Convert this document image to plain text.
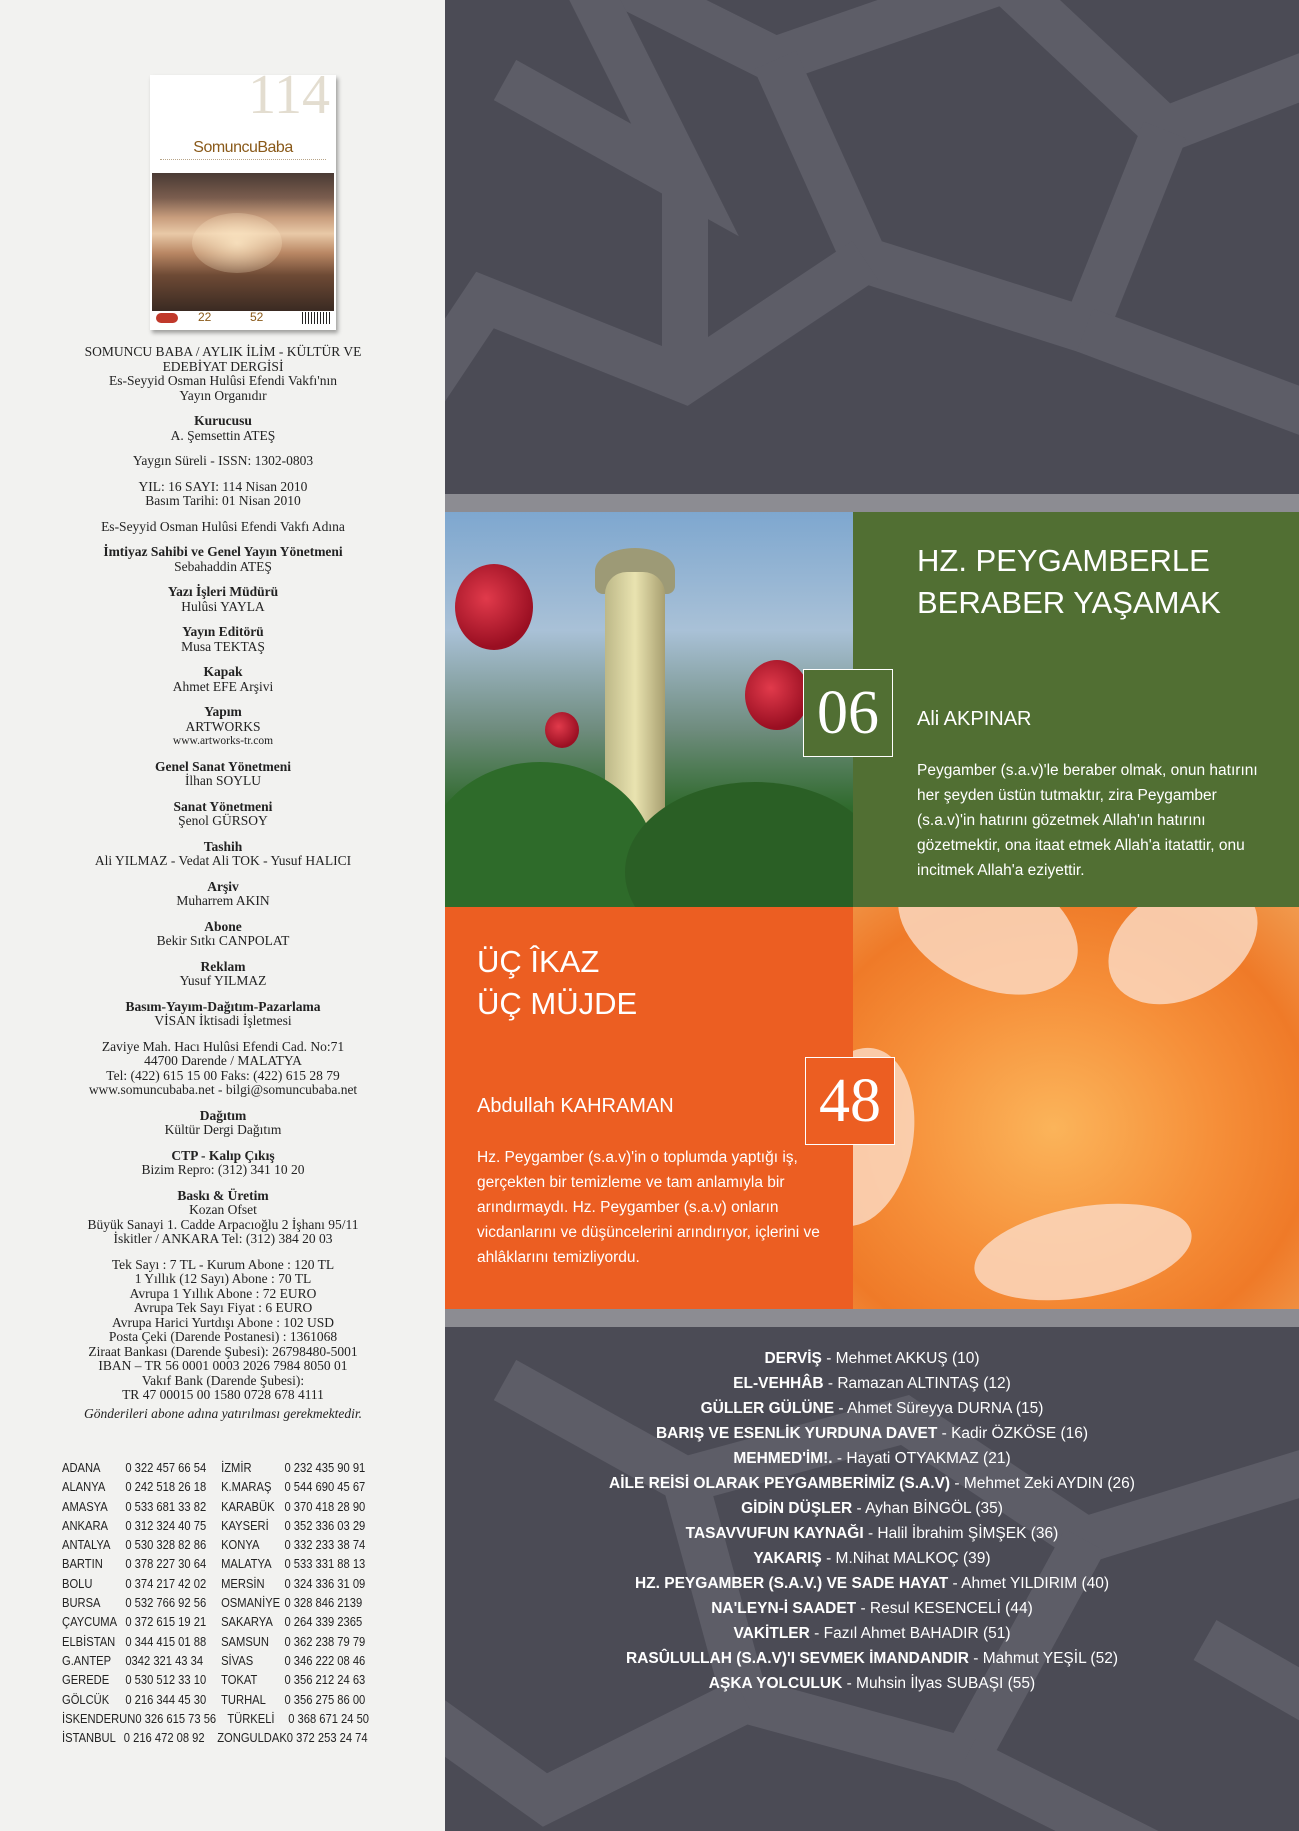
114
SomuncuBaba
22	52
SOMUNCU BABA / AYLIK İLİM - KÜLTÜR VE EDEBİYAT DERGİSİ
Es-Seyyid Osman Hulûsi Efendi Vakfı'nın
Yayın Organıdır
Kurucusu
A. Şemsettin ATEŞ
Yaygın Süreli - ISSN: 1302-0803
YIL: 16 SAYI: 114 Nisan 2010
Basım Tarihi: 01 Nisan 2010
Es-Seyyid Osman Hulûsi Efendi Vakfı Adına
İmtiyaz Sahibi ve Genel Yayın Yönetmeni
Sebahaddin ATEŞ
Yazı İşleri Müdürü
Hulûsi YAYLA
Yayın Editörü
Musa TEKTAŞ
Kapak
Ahmet EFE Arşivi
Yapım
ARTWORKS
www.artworks-tr.com
Genel Sanat Yönetmeni
İlhan SOYLU
Sanat Yönetmeni
Şenol GÜRSOY
Tashih
Ali YILMAZ - Vedat Ali TOK - Yusuf HALICI
Arşiv
Muharrem AKIN
Abone
Bekir Sıtkı CANPOLAT
Reklam
Yusuf YILMAZ
Basım-Yayım-Dağıtım-Pazarlama
VİSAN İktisadi İşletmesi
Zaviye Mah. Hacı Hulûsi Efendi Cad. No:71
44700 Darende / MALATYA
Tel: (422) 615 15 00 Faks: (422) 615 28 79
www.somuncubaba.net - bilgi@somuncubaba.net
Dağıtım
Kültür Dergi Dağıtım
CTP - Kalıp Çıkış
Bizim Repro: (312) 341 10 20
Baskı & Üretim
Kozan Ofset
Büyük Sanayi 1. Cadde Arpacıoğlu 2 İşhanı 95/11
İskitler / ANKARA Tel: (312) 384 20 03
Tek Sayı : 7 TL - Kurum Abone : 120 TL
1 Yıllık (12 Sayı) Abone : 70 TL
Avrupa 1 Yıllık Abone : 72 EURO
Avrupa Tek Sayı Fiyat : 6 EURO
Avrupa Harici Yurtdışı Abone : 102 USD
Posta Çeki (Darende Postanesi) : 1361068
Ziraat Bankası (Darende Şubesi): 26798480-5001
IBAN – TR 56 0001 0003 2026 7984 8050 01
Vakıf Bank (Darende Şubesi):
TR 47 00015 00 1580 0728 678 4111
Gönderileri abone adına yatırılması gerekmektedir.
ADANA	0 322 457 66 54	İZMİR	0 232 435 90 91
ALANYA	0 242 518 26 18	K.MARAŞ	0 544 690 45 67
AMASYA	0 533 681 33 82	KARABÜK 0 370 418 28 90
ANKARA	0 312 324 40 75	KAYSERİ	0 352 336 03 29
ANTALYA	0 530 328 82 86	KONYA	0 332 233 38 74
BARTIN	0 378 227 30 64	MALATYA 0 533 331 88 13
BOLU	0 374 217 42 02	MERSİN	0 324 336 31 09
BURSA	0 532 766 92 56	OSMANİYE 0 328 846 2139
ÇAYCUMA 0 372 615 19 21	SAKARYA 0 264 339 2365
ELBİSTAN 0 344 415 01 88	SAMSUN	0 362 238 79 79
G.ANTEP	0342 321 43 34	SİVAS	0 346 222 08 46
GEREDE	0 530 512 33 10	TOKAT	0 356 212 24 63
GÖLCÜK	0 216 344 45 30	TURHAL	0 356 275 86 00
İSKENDERUN 0 326 615 73 56 TÜRKELİ	0 368 671 24 50
İSTANBUL 0 216 472 08 92 ZONGULDAK 0 372 253 24 74
HZ. PEYGAMBERLE
BERABER YAŞAMAK
Ali AKPINAR
Peygamber (s.a.v)'le beraber olmak, onun hatırını her şeyden üstün tutmaktır, zira Peygamber (s.a.v)'in hatırını gözetmek Allah'ın hatırını gözetmektir, ona itaat etmek Allah'a itatattir, onu incitmek Allah'a eziyettir.
ÜÇ ÎKAZ
ÜÇ MÜJDE
Abdullah KAHRAMAN
Hz. Peygamber (s.a.v)'in o toplumda yaptığı iş, gerçekten bir temizleme ve tam anlamıyla bir arındırmaydı. Hz. Peygamber (s.a.v) onların vicdanlarını ve düşüncelerini arındırıyor, içlerini ve ahlâklarını temizliyordu.
06
48
DERVİŞ - Mehmet AKKUŞ (10)
EL-VEHHÂB - Ramazan ALTINTAŞ (12)
GÜLLER GÜLÜNE - Ahmet Süreyya DURNA (15)
BARIŞ VE ESENLİK YURDUNA DAVET - Kadir ÖZKÖSE (16)
MEHMED'İM!. - Hayati OTYAKMAZ (21)
AİLE REİSİ OLARAK PEYGAMBERİMİZ (S.A.V) - Mehmet Zeki AYDIN (26)
GİDİN DÜŞLER - Ayhan BİNGÖL (35)
TASAVVUFUN KAYNAĞI - Halil İbrahim ŞİMŞEK (36)
YAKARIŞ - M.Nihat MALKOÇ (39)
HZ. PEYGAMBER (S.A.V.) VE SADE HAYAT - Ahmet YILDIRIM (40)
NA'LEYN-İ SAADET - Resul KESENCELİ (44)
VAKİTLER - Fazıl Ahmet BAHADIR (51)
RASÛLULLAH (S.A.V)'I SEVMEK İMANDANDIR - Mahmut YEŞİL (52)
AŞKA YOLCULUK - Muhsin İlyas SUBAŞI (55)
